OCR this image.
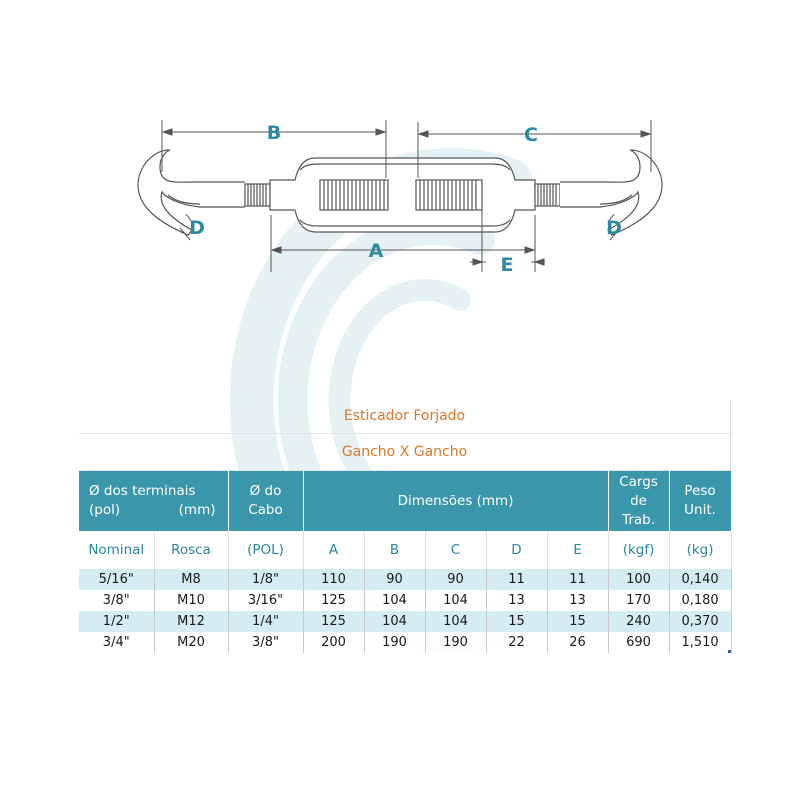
B	C
A
E
D	D
Esticador Forjado
Gancho X Gancho
Ø dos terminais
(pol) (mm)		Ø do Cabo	Dimensões (mm)					Cargs de Trab.	Peso Unit.

Nominal	Rosca	(POL)	A	B	C	D	E	(kgf)	(kg)
5/16"	M8	1/8"	110	90	90	11	11	100	0,140
3/8"	M10	3/16"	125	104	104	13	13	170	0,180
1/2"	M12	1/4"	125	104	104	15	15	240	0,370
3/4"	M20	3/8"	200	190	190	22	26	690	1,510
